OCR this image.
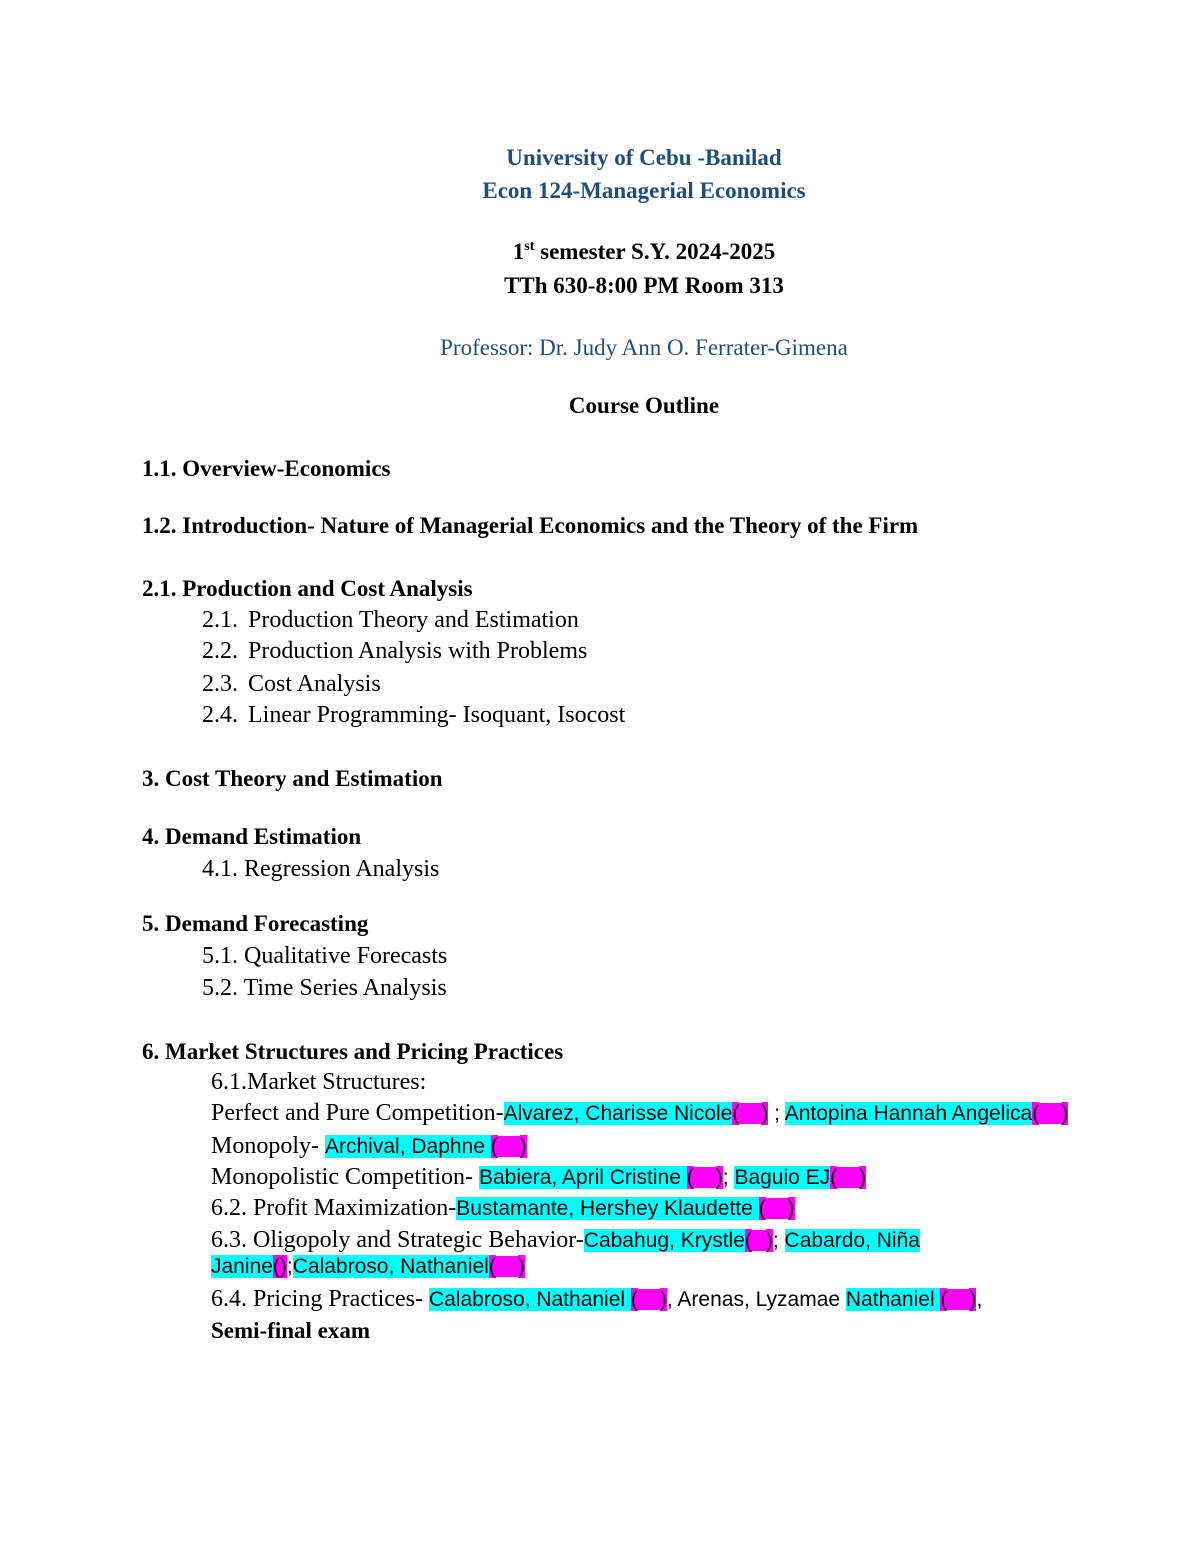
University of Cebu -Banilad
Econ 124-Managerial Economics
1st semester S.Y. 2024-2025
TTh 630-8:00 PM Room 313
Professor: Dr. Judy Ann O. Ferrater-Gimena
Course Outline
1.1. Overview-Economics
1.2. Introduction- Nature of Managerial Economics and the Theory of the Firm
2.1. Production and Cost Analysis
2.1. Production Theory and Estimation
2.2. Production Analysis with Problems
2.3. Cost Analysis
2.4. Linear Programming- Isoquant, Isocost
3. Cost Theory and Estimation
4. Demand Estimation
4.1. Regression Analysis
5. Demand Forecasting
5.1. Qualitative Forecasts
5.2. Time Series Analysis
6. Market Structures and Pricing Practices
6.1.Market Structures:
Perfect and Pure Competition-Alvarez, Charisse Nicole( ) ; Antopina Hannah Angelica( )
Monopoly- Archival, Daphne ( )
Monopolistic Competition- Babiera, April Cristine ( ); Baguio EJ( )
6.2. Profit Maximization-Bustamante, Hershey Klaudette ( )
6.3. Oligopoly and Strategic Behavior-Cabahug, Krystle( ); Cabardo, Niña
Janine();Calabroso, Nathaniel( )
6.4. Pricing Practices- Calabroso, Nathaniel ( ), Arenas, Lyzamae Nathaniel ( ),
Semi-final exam
